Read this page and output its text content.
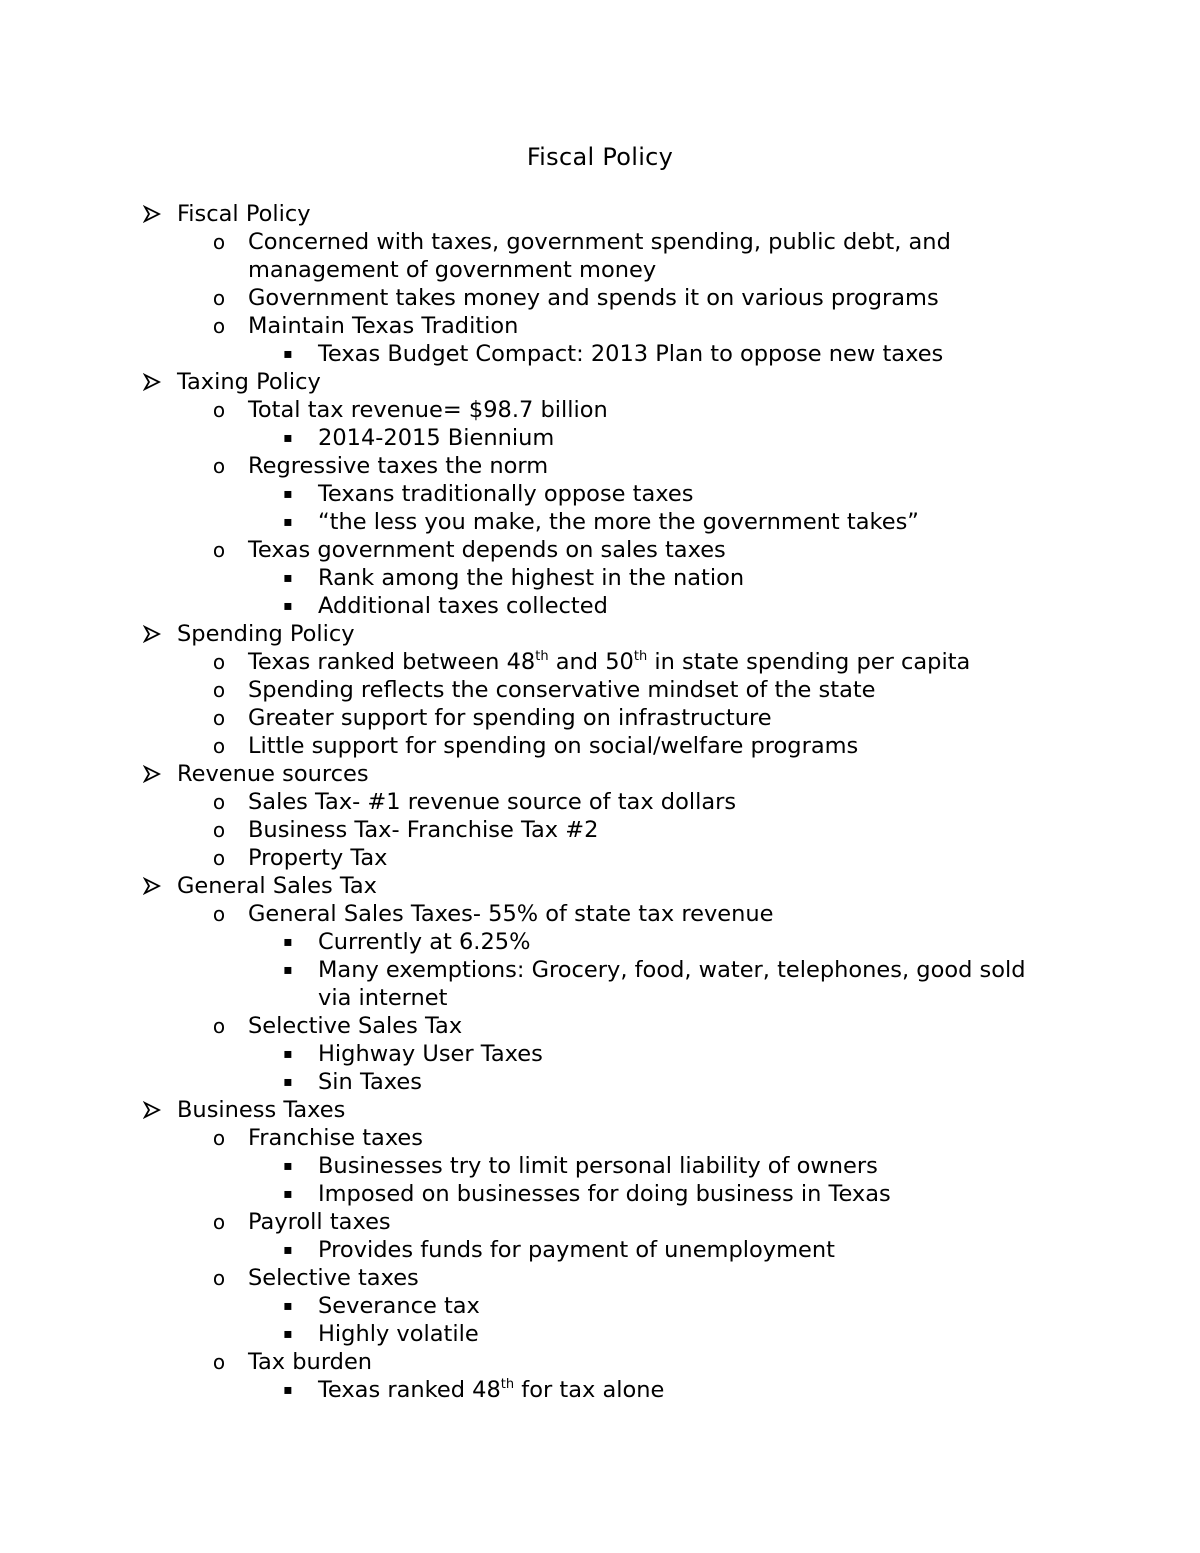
Fiscal Policy
Fiscal Policy
o Concerned with taxes, government spending, public debt, and
management of government money
o Government takes money and spends it on various programs
o Maintain Texas Tradition
▪ Texas Budget Compact: 2013 Plan to oppose new taxes
Taxing Policy
o Total tax revenue= $98.7 billion
▪ 2014-2015 Biennium
o Regressive taxes the norm
▪ Texans traditionally oppose taxes
▪ “the less you make, the more the government takes”
o Texas government depends on sales taxes
▪ Rank among the highest in the nation
▪ Additional taxes collected
Spending Policy
o Texas ranked between 48th and 50th in state spending per capita
o Spending reflects the conservative mindset of the state
o Greater support for spending on infrastructure
o Little support for spending on social/welfare programs
Revenue sources
o Sales Tax- #1 revenue source of tax dollars
o Business Tax- Franchise Tax #2
o Property Tax
General Sales Tax
o General Sales Taxes- 55% of state tax revenue
▪ Currently at 6.25%
▪ Many exemptions: Grocery, food, water, telephones, good sold
via internet
o Selective Sales Tax
▪ Highway User Taxes
▪ Sin Taxes
Business Taxes
o Franchise taxes
▪ Businesses try to limit personal liability of owners
▪ Imposed on businesses for doing business in Texas
o Payroll taxes
▪ Provides funds for payment of unemployment
o Selective taxes
▪ Severance tax
▪ Highly volatile
o Tax burden
▪ Texas ranked 48th for tax alone
